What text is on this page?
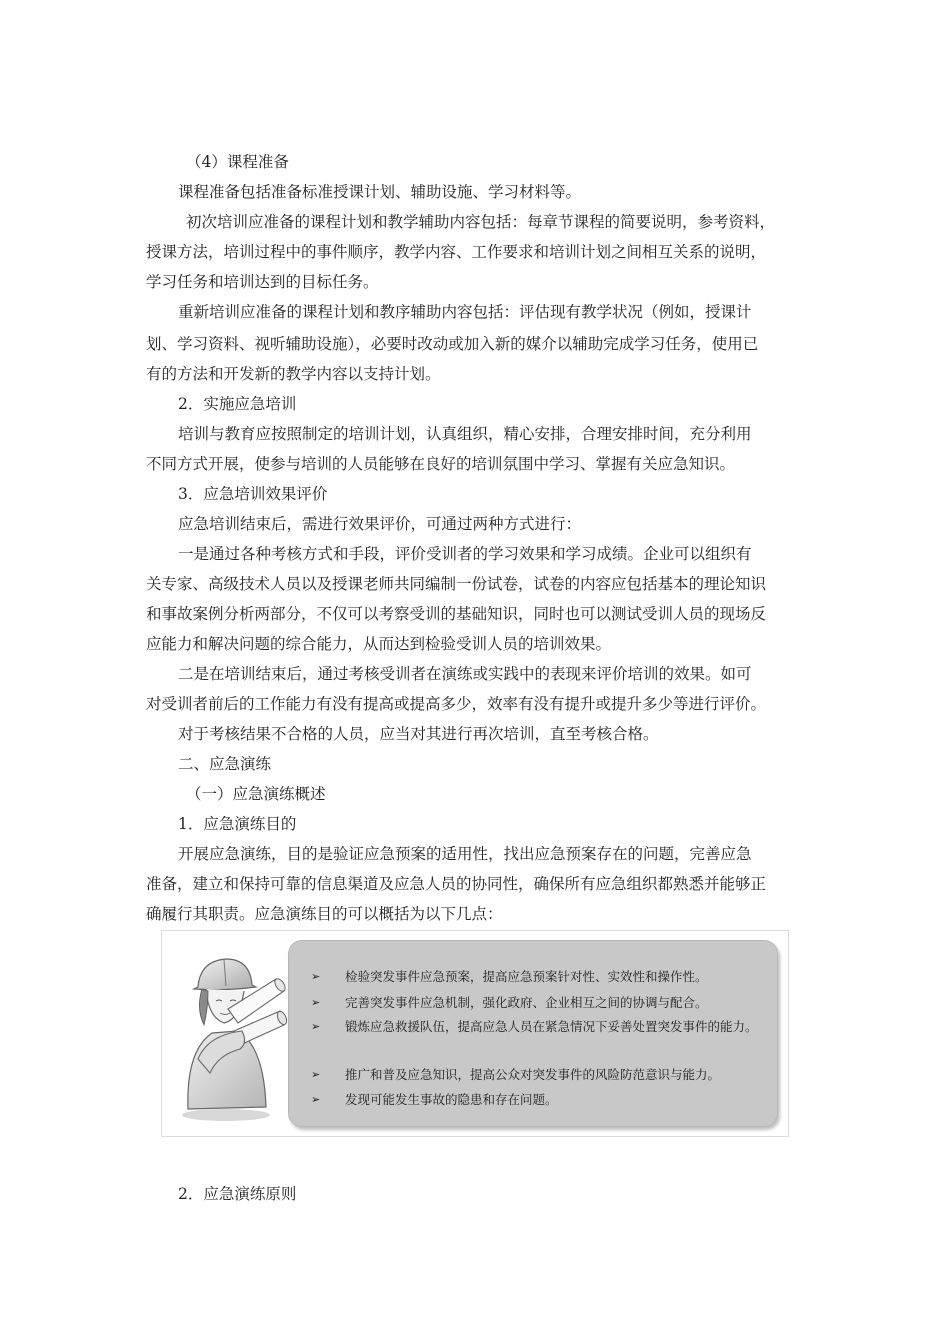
（4）课程准备
课程准备包括准备标准授课计划、辅助设施、学习材料等。
初次培训应准备的课程计划和教学辅助内容包括：每章节课程的简要说明，参考资料，
授课方法，培训过程中的事件顺序，教学内容、工作要求和培训计划之间相互关系的说明，
学习任务和培训达到的目标任务。
重新培训应准备的课程计划和教序辅助内容包括：评估现有教学状况（例如，授课计
划、学习资料、视听辅助设施），必要时改动或加入新的媒介以辅助完成学习任务，使用已
有的方法和开发新的教学内容以支持计划。
2．实施应急培训
培训与教育应按照制定的培训计划，认真组织，精心安排，合理安排时间，充分利用
不同方式开展，使参与培训的人员能够在良好的培训氛围中学习、掌握有关应急知识。
3．应急培训效果评价
应急培训结束后，需进行效果评价，可通过两种方式进行：
一是通过各种考核方式和手段，评价受训者的学习效果和学习成绩。企业可以组织有
关专家、高级技术人员以及授课老师共同编制一份试卷，试卷的内容应包括基本的理论知识
和事故案例分析两部分，不仅可以考察受训的基础知识，同时也可以测试受训人员的现场反
应能力和解决问题的综合能力，从而达到检验受训人员的培训效果。
二是在培训结束后，通过考核受训者在演练或实践中的表现来评价培训的效果。如可
对受训者前后的工作能力有没有提高或提高多少，效率有没有提升或提升多少等进行评价。
对于考核结果不合格的人员，应当对其进行再次培训，直至考核合格。
二、应急演练
（一）应急演练概述
1．应急演练目的
开展应急演练，目的是验证应急预案的适用性，找出应急预案存在的问题，完善应急
准备，建立和保持可靠的信息渠道及应急人员的协同性，确保所有应急组织都熟悉并能够正
确履行其职责。应急演练目的可以概括为以下几点：
➢ 检验突发事件应急预案，提高应急预案针对性、实效性和操作性。
➢ 完善突发事件应急机制，强化政府、企业相互之间的协调与配合。
➢ 锻炼应急救援队伍，提高应急人员在紧急情况下妥善处置突发事件的能力。
➢ 推广和普及应急知识，提高公众对突发事件的风险防范意识与能力。
➢ 发现可能发生事故的隐患和存在问题。
2．应急演练原则
